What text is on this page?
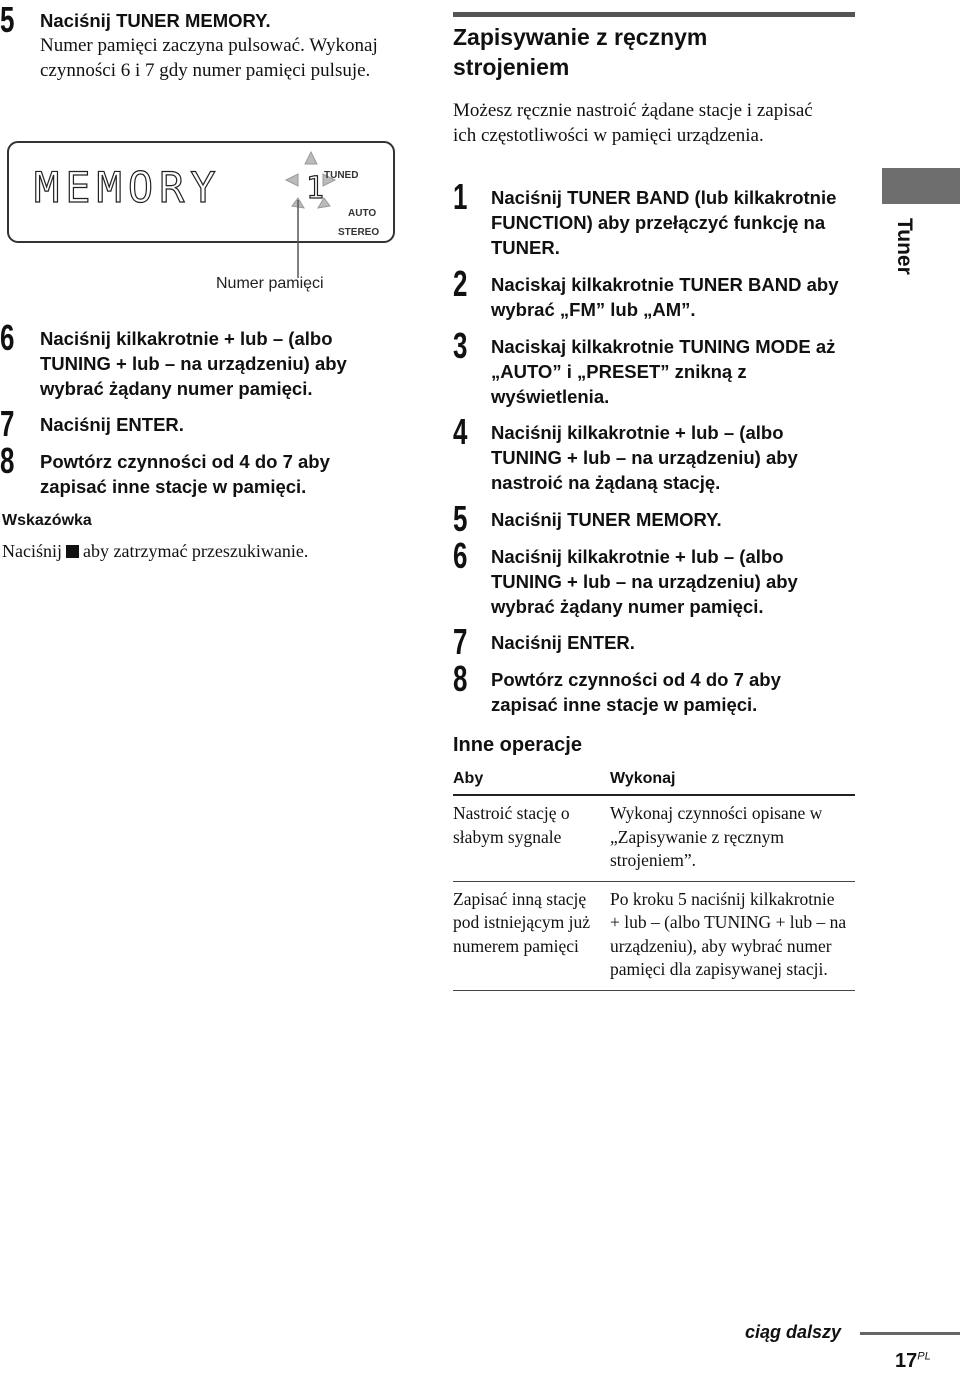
5 Naciśnij TUNER MEMORY.
Numer pamięci zaczyna pulsować. Wykonaj czynności 6 i 7 gdy numer pamięci pulsuje.
MEMORY	1 TUNED
AUTO
STEREO
Numer pamięci
6 Naciśnij kilkakrotnie + lub – (albo TUNING + lub – na urządzeniu) aby wybrać żądany numer pamięci.
7 Naciśnij ENTER.
8 Powtórz czynności od 4 do 7 aby zapisać inne stacje w pamięci.
Wskazówka
Naciśnij aby zatrzymać przeszukiwanie.
Zapisywanie z ręcznym strojeniem
Możesz ręcznie nastroić żądane stacje i zapisać ich częstotliwości w pamięci urządzenia.
1 Naciśnij TUNER BAND (lub kilkakrotnie FUNCTION) aby przełączyć funkcję na TUNER.
2 Naciskaj kilkakrotnie TUNER BAND aby wybrać „FM” lub „AM”.
3 Naciskaj kilkakrotnie TUNING MODE aż „AUTO” i „PRESET” znikną z wyświetlenia.
4 Naciśnij kilkakrotnie + lub – (albo TUNING + lub – na urządzeniu) aby nastroić na żądaną stację.
5 Naciśnij TUNER MEMORY.
6 Naciśnij kilkakrotnie + lub – (albo TUNING + lub – na urządzeniu) aby wybrać żądany numer pamięci.
7 Naciśnij ENTER.
8 Powtórz czynności od 4 do 7 aby zapisać inne stacje w pamięci.
Inne operacje
Aby	Wykonaj
Nastroić stację o słabym sygnale	Wykonaj czynności opisane w „Zapisywanie z ręcznym strojeniem”.
Zapisać inną stację pod istniejącym już numerem pamięci	Po kroku 5 naciśnij kilkakrotnie + lub – (albo TUNING + lub – na urządzeniu), aby wybrać numer pamięci dla zapisywanej stacji.
Tuner
ciąg dalszy
$17^{PL}$
